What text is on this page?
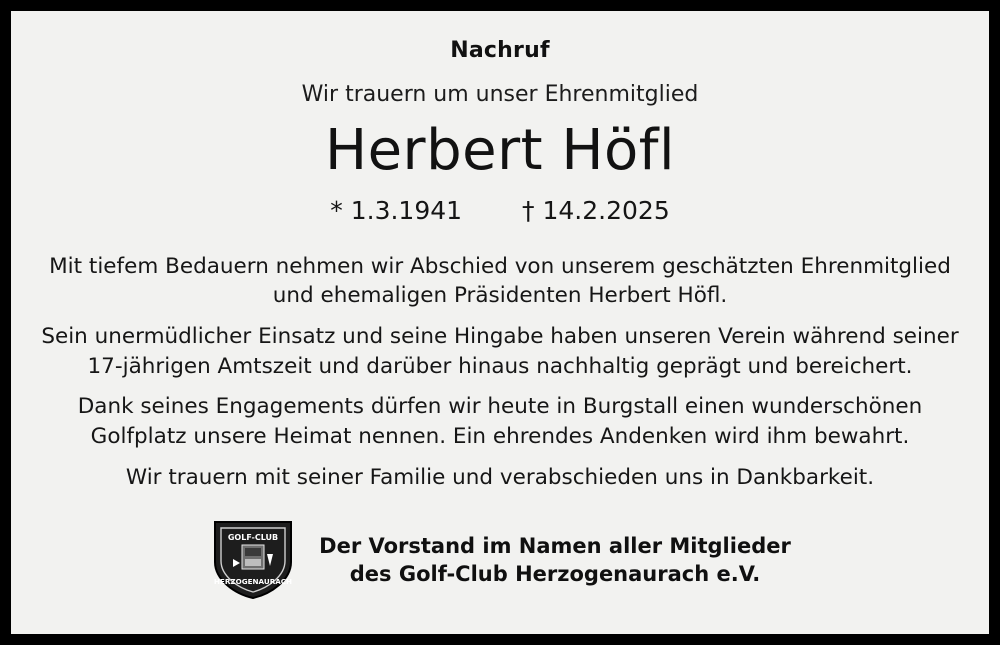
Nachruf
Wir trauern um unser Ehrenmitglied
Herbert Höfl
* 1.3.1941 † 14.2.2025
Mit tiefem Bedauern nehmen wir Abschied von unserem geschätzten Ehrenmitglied und ehemaligen Präsidenten Herbert Höfl.
Sein unermüdlicher Einsatz und seine Hingabe haben unseren Verein während seiner 17-jährigen Amtszeit und darüber hinaus nachhaltig geprägt und bereichert.
Dank seines Engagements dürfen wir heute in Burgstall einen wunderschönen Golfplatz unsere Heimat nennen. Ein ehrendes Andenken wird ihm bewahrt.
Wir trauern mit seiner Familie und verabschieden uns in Dankbarkeit.
GOLF-CLUB
HERZOGENAURACH
Der Vorstand im Namen aller Mitglieder
des Golf-Club Herzogenaurach e.V.
